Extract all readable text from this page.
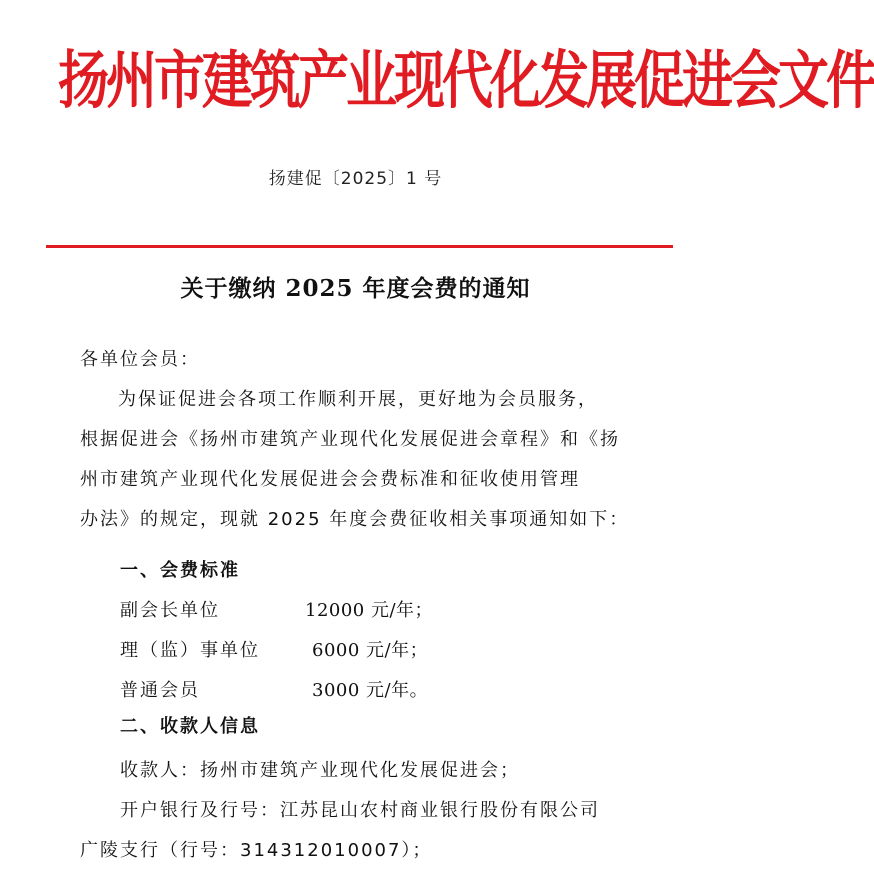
扬州市建筑产业现代化发展促进会文件
扬建促〔2025〕1 号
关于缴纳 2025 年度会费的通知
各单位会员：
为保证促进会各项工作顺利开展，更好地为会员服务，
根据促进会《扬州市建筑产业现代化发展促进会章程》和《扬
州市建筑产业现代化发展促进会会费标准和征收使用管理
办法》的规定，现就 2025 年度会费征收相关事项通知如下：
一、会费标准
副会长单位	12000 元/年；
理（监）事单位	6000 元/年；
普通会员	3000 元/年。
二、收款人信息
收款人：扬州市建筑产业现代化发展促进会；
开户银行及行号：江苏昆山农村商业银行股份有限公司
广陵支行（行号：314312010007）；
